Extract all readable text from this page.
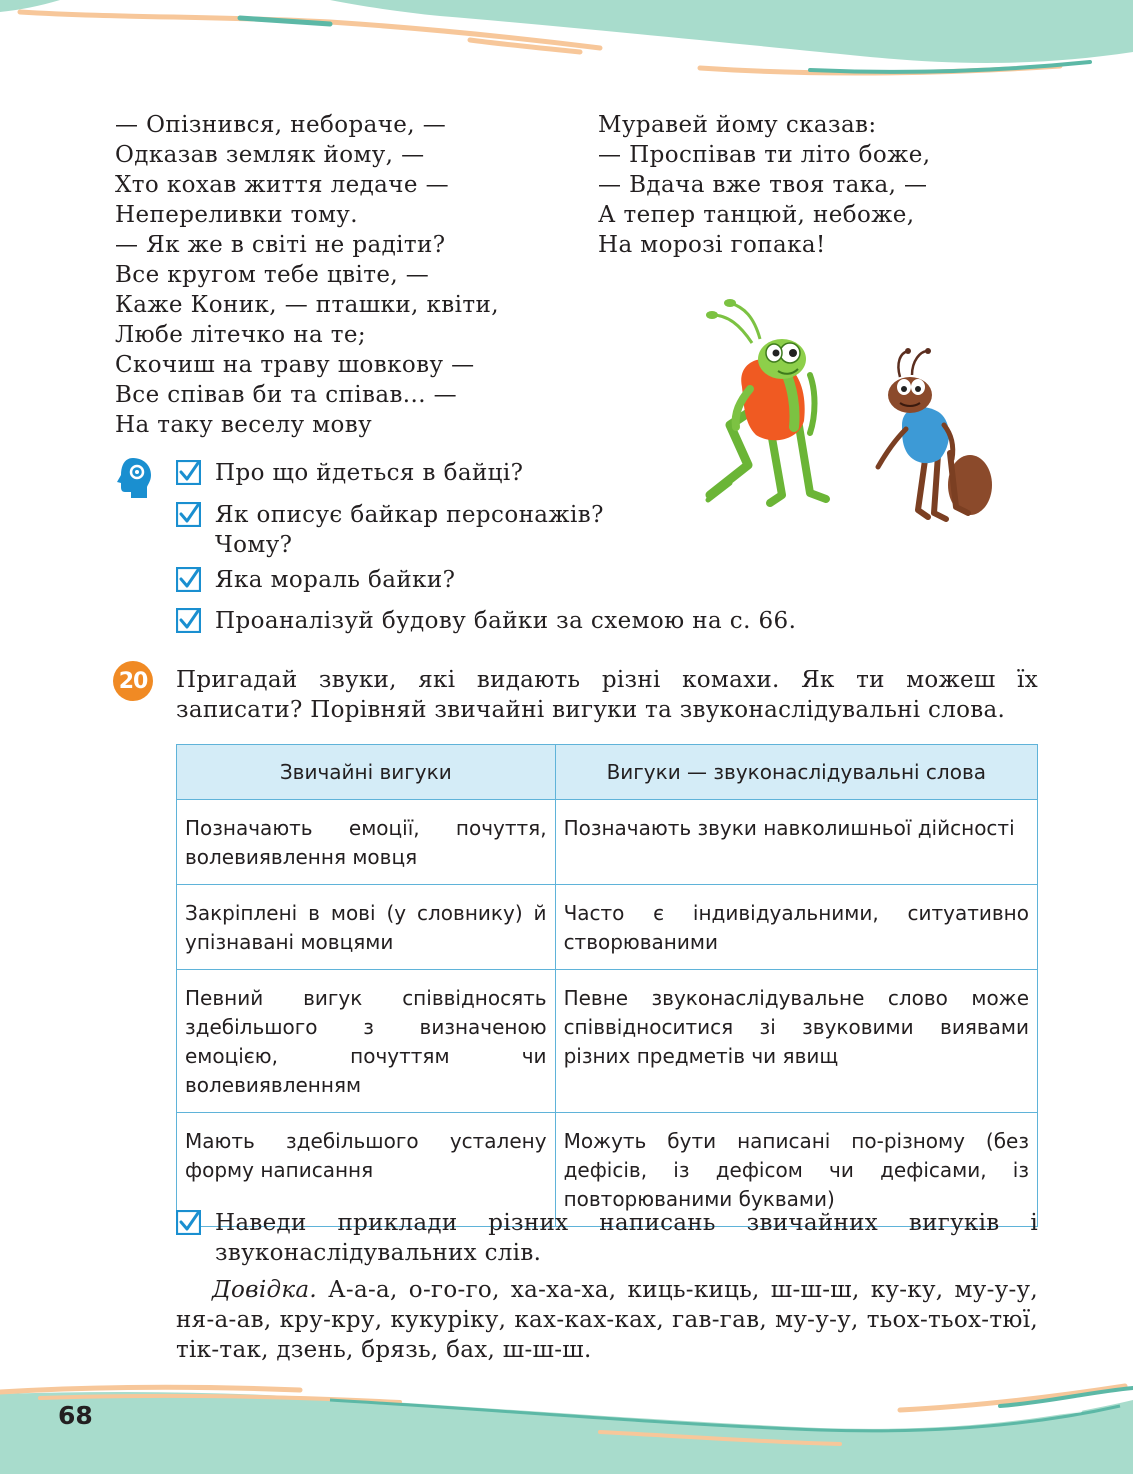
— Опізнився, небораче, —
Одказав земляк йому, —
Хто кохав життя ледаче —
Непереливки тому.
— Як же в світі не радіти?
Все кругом тебе цвіте, —
Каже Коник, — пташки, квіти,
Любе літечко на те;
Скочиш на траву шовкову —
Все співав би та співав... —
На таку веселу мову
Муравей йому сказав:
— Проспівав ти літо боже,
— Вдача вже твоя така, —
А тепер танцюй, небоже,
На морозі гопака!
Про що йдеться в байці?
Як описує байкар персонажів?
Чому?
Яка мораль байки?
Проаналізуй будову байки за схемою на с. 66.
20 Пригадай звуки, які видають різні комахи. Як ти можеш їх записати? Порівняй звичайні вигуки та звуконаслідувальні слова.
Звичайні вигуки	Вигуки — звуконаслідувальні слова
Позначають емоції, почуття, волевиявлення мовця	Позначають звуки навколишньої дійсності
Закріплені в мові (у словнику) й упізнавані мовцями	Часто є індивідуальними, ситуативно створюваними
Певний вигук співвідносять здебільшого з визначеною емоцією, почуттям чи волевиявленням	Певне звуконаслідувальне слово може співвідноситися зі звуковими виявами різних предметів чи явищ
Мають здебільшого усталену форму написання	Можуть бути написані по-різному (без дефісів, із дефісом чи дефісами, із повторюваними буквами)
Наведи приклади різних написань звичайних вигуків і звуконаслідувальних слів.
Довідка. А-а-а, о-го-го, ха-ха-ха, киць-киць, ш-ш-ш, ку-ку, му-у-у, ня-а-ав, кру-кру, кукуріку, ках-ках-ках, гав-гав, му-у-у, тьох-тьох-тюї, тік-так, дзень, брязь, бах, ш-ш-ш.
68
